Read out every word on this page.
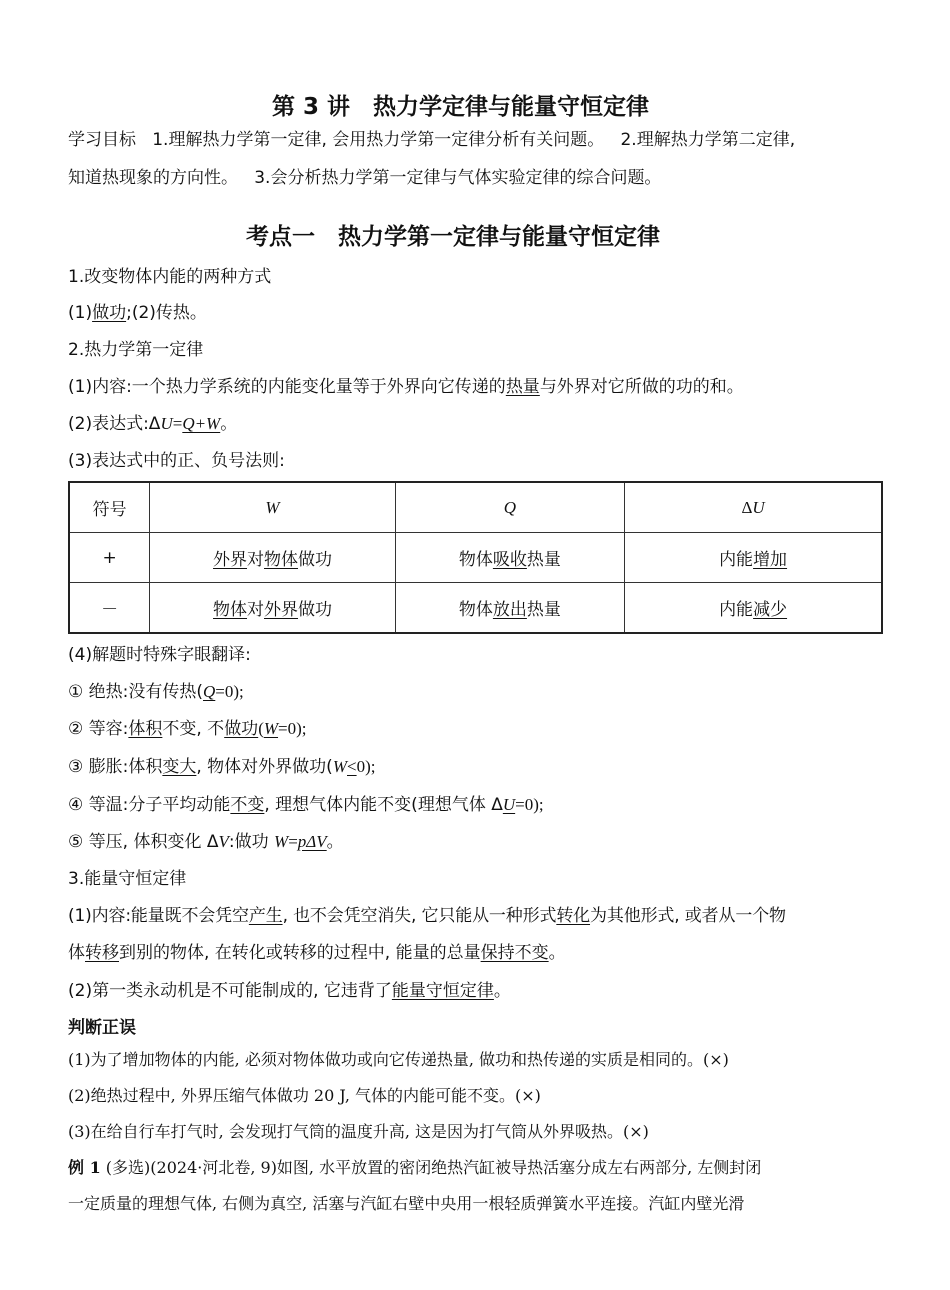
第 3 讲　热力学定律与能量守恒定律
学习目标 1.理解热力学第一定律, 会用热力学第一定律分析有关问题。 2.理解热力学第二定律,
知道热现象的方向性。 3.会分析热力学第一定律与气体实验定律的综合问题。
考点一　热力学第一定律与能量守恒定律
1.改变物体内能的两种方式
(1)做功;(2)传热。
2.热力学第一定律
(1)内容:一个热力学系统的内能变化量等于外界向它传递的热量与外界对它所做的功的和。
(2)表达式:ΔU=Q+W。
(3)表达式中的正、负号法则:
符号	W	Q	ΔU
+	外界对物体做功	物体吸收热量	内能增加
－	物体对外界做功	物体放出热量	内能减少
(4)解题时特殊字眼翻译:
① 绝热:没有传热(Q=0);
② 等容:体积不变, 不做功(W=0);
③ 膨胀:体积变大, 物体对外界做功(W<0);
④ 等温:分子平均动能不变, 理想气体内能不变(理想气体 ΔU=0);
⑤ 等压, 体积变化 ΔV:做功 W=pΔV。
3.能量守恒定律
(1)内容:能量既不会凭空产生, 也不会凭空消失, 它只能从一种形式转化为其他形式, 或者从一个物
体转移到别的物体, 在转化或转移的过程中, 能量的总量保持不变。
(2)第一类永动机是不可能制成的, 它违背了能量守恒定律。
判断正误
(1)为了增加物体的内能, 必须对物体做功或向它传递热量, 做功和热传递的实质是相同的。(×)
(2)绝热过程中, 外界压缩气体做功 20 J, 气体的内能可能不变。(×)
(3)在给自行车打气时, 会发现打气筒的温度升高, 这是因为打气筒从外界吸热。(×)
例 1 (多选)(2024·河北卷, 9)如图, 水平放置的密闭绝热汽缸被导热活塞分成左右两部分, 左侧封闭
一定质量的理想气体, 右侧为真空, 活塞与汽缸右壁中央用一根轻质弹簧水平连接。汽缸内壁光滑
